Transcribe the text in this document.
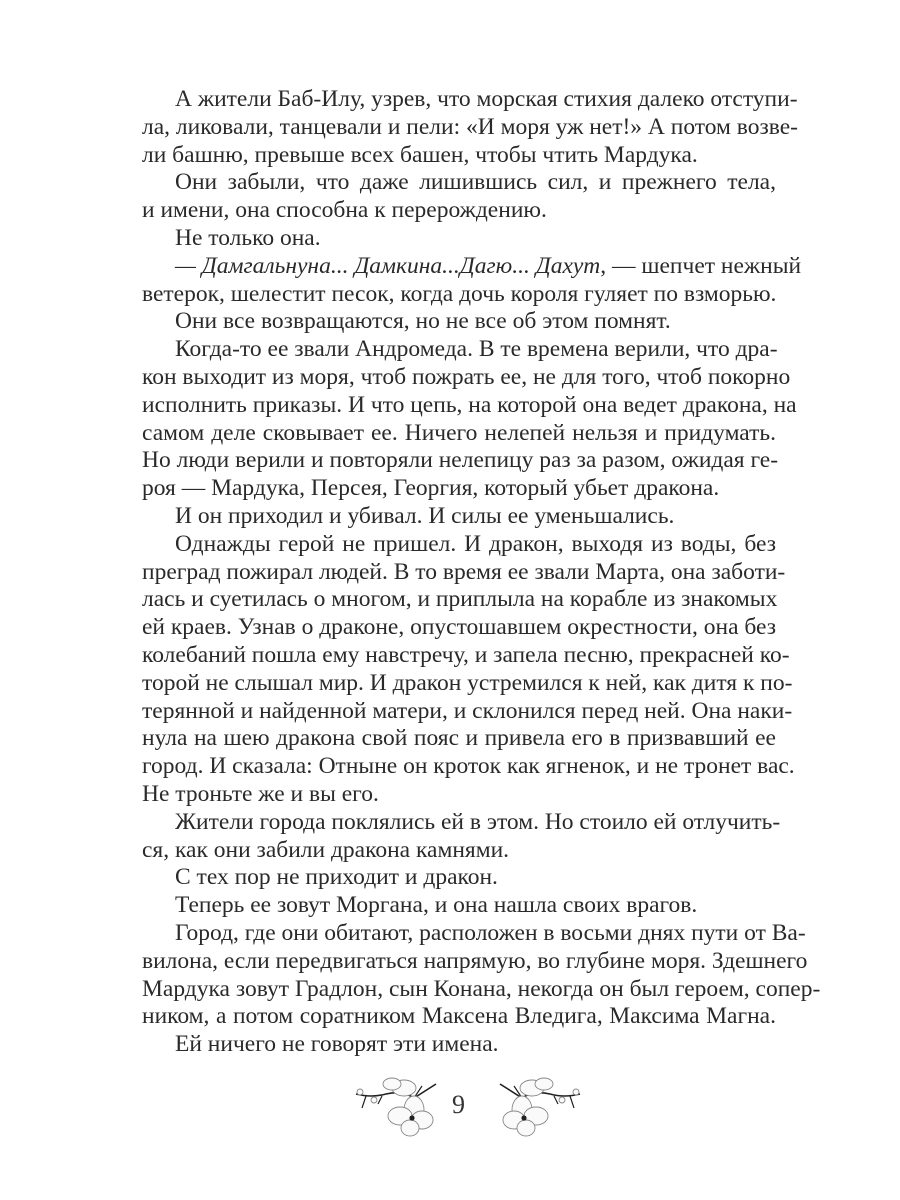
А жители Баб-Илу, узрев, что морская стихия далеко отступи-
ла, ликовали, танцевали и пели: «И моря уж нет!» А потом возве-
ли башню, превыше всех башен, чтобы чтить Мардука.
Они забыли, что даже лишившись сил, и прежнего тела,
и имени, она способна к перерождению.
Не только она.
— Дамгальнуна... Дамкина...Дагю... Дахут, — шепчет нежный
ветерок, шелестит песок, когда дочь короля гуляет по взморью.
Они все возвращаются, но не все об этом помнят.
Когда-то ее звали Андромеда. В те времена верили, что дра-
кон выходит из моря, чтоб пожрать ее, не для того, чтоб покорно
исполнить приказы. И что цепь, на которой она ведет дракона, на
самом деле сковывает ее. Ничего нелепей нельзя и придумать.
Но люди верили и повторяли нелепицу раз за разом, ожидая ге-
роя — Мардука, Персея, Георгия, который убьет дракона.
И он приходил и убивал. И силы ее уменьшались.
Однажды герой не пришел. И дракон, выходя из воды, без
преград пожирал людей. В то время ее звали Марта, она заботи-
лась и суетилась о многом, и приплыла на корабле из знакомых
ей краев. Узнав о драконе, опустошавшем окрестности, она без
колебаний пошла ему навстречу, и запела песню, прекрасней ко-
торой не слышал мир. И дракон устремился к ней, как дитя к по-
терянной и найденной матери, и склонился перед ней. Она наки-
нула на шею дракона свой пояс и привела его в призвавший ее
город. И сказала: Отныне он кроток как ягненок, и не тронет вас.
Не троньте же и вы его.
Жители города поклялись ей в этом. Но стоило ей отлучить-
ся, как они забили дракона камнями.
С тех пор не приходит и дракон.
Теперь ее зовут Моргана, и она нашла своих врагов.
Город, где они обитают, расположен в восьми днях пути от Ва-
вилона, если передвигаться напрямую, во глубине моря. Здешнего
Мардука зовут Градлон, сын Конана, некогда он был героем, сопер-
ником, а потом соратником Максена Вледига, Максима Магна.
Ей ничего не говорят эти имена.
9
